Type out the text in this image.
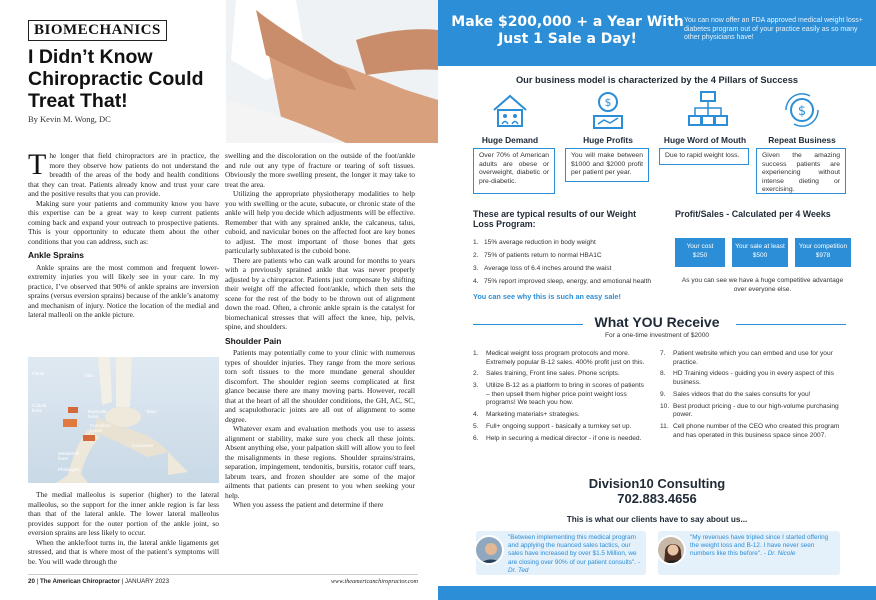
BIOMECHANICS
I Didn’t Know Chiropractic Could Treat That!
By Kevin M. Wong, DC

The longer that field chiropractors are in practice, the more they observe how patients do not understand the breadth of the areas of the body and health conditions that they can treat. Patients already know and trust your care and the positive results that you can provide.

Making sure your patients and community know you have this expertise can be a great way to keep current patients coming back and expand your outreach to prospective patients. This is your opportunity to educate them about the other conditions that you can address, such as:

Ankle Sprains

Ankle sprains are the most common and frequent lower-extremity injuries you will likely see in your care. In my practice, I’ve observed that 90% of ankle sprains are inversion sprains (versus eversion sprains) because of the ankle’s anatomy and mechanism of injury. Notice the location of the medial and lateral malleoli on the ankle picture.

Fibula	Tibia
Cuboid bone	Navicular bone
Cuneiform bones
Talus
Calcaneus
Metatarsal bone
Phalanges

The medial malleolus is superior (higher) to the lateral malleolus, so the support for the inner ankle region is far less than that of the lateral ankle. The lower lateral malleolus provides support for the outer portion of the ankle joint, so eversion sprains are less likely to occur.

When the ankle/foot turns in, the lateral ankle ligaments get stressed, and that is where most of the patient’s symptoms will be. You will wade through the

swelling and the discoloration on the outside of the foot/ankle and rule out any type of fracture or tearing of soft tissues. Obviously the more swelling present, the longer it may take to treat the area.

Utilizing the appropriate physiotherapy modalities to help you with swelling or the acute, subacute, or chronic state of the ankle will help you decide which adjustments will be effective. Remember that with any sprained ankle, the calcaneus, talus, cuboid, and navicular bones on the affected foot are key bones to adjust. The most important of those bones that gets particularly subluxated is the cuboid bone.

There are patients who can walk around for months to years with a previously sprained ankle that was never properly adjusted by a chiropractor. Patients just compensate by shifting their weight off the affected foot/ankle, which then sets the scene for the rest of the body to be thrown out of alignment down the road. Often, a chronic ankle sprain is the catalyst for biomechanical stresses that will affect the knee, hip, pelvis, spine, and shoulders.

Shoulder Pain

Patients may potentially come to your clinic with numerous types of shoulder injuries. They range from the more serious torn soft tissues to the more mundane general shoulder discomfort. The shoulder region seems complicated at first glance because there are many moving parts. However, recall that at the heart of all the shoulder conditions, the GH, AC, SC, and scapulothoracic joints are all out of alignment to some degree.

Whatever exam and evaluation methods you use to assess alignment or stability, make sure you check all these joints. Absent anything else, your palpation skill will allow you to feel the misalignments in these regions. Shoulder sprains/strains, separation, impingement, tendonitis, bursitis, rotator cuff tears, labrum tears, and frozen shoulder are some of the major ailments that patients can present to you when seeking your help.

When you assess the patient and determine if there

20 | The American Chiropractor | JANUARY 2023	www.theamericanchiropractor.com
Make $200,000 + a Year With Just 1 Sale a Day!
You can now offer an FDA approved medical weight loss+ diabetes program out of your practice easily as so many other physicians have!
Our business model is characterized by the 4 Pillars of Success
$
$
Huge Demand	Huge Profits	Huge Word of Mouth	Repeat Business
Over 70% of American adults are obese or overweight, diabetic or pre-diabetic.
You will make between $1000 and $2000 profit per patient per year.
Due to rapid weight loss.	Given the amazing success patients are experiencing without intense dieting or exercising.
These are typical results of our Weight Loss Program:
1. 15% average reduction in body weight
2. 75% of patients return to normal HBA1C
3. Average loss of 6.4 inches around the waist
4. 75% report improved sleep, energy, and emotional health
You can see why this is such an easy sale!
Profit/Sales - Calculated per 4 Weeks
Your cost
$250
Your sale at least
$500
Your competition
$978
As you can see we have a huge competitive advantage over everyone else.
What YOU Receive
For a one-time investment of $2000
1.	Medical weight loss program protocols and more. Extremely popular B-12 sales. 400% profit just on this.
2.	Sales training, Front line sales. Phone scripts.
3.	Utilize B-12 as a platform to bring in scores of patients – then upsell them higher price point weight loss programs! We teach you how.
4.	Marketing materials+ strategies.
5.	Full+ ongoing support - basically a turnkey set up.
6.	Help in securing a medical director - if one is needed.
7.	Patient website which you can embed and use for your practice.
8.	HD Training videos - guiding you in every aspect of this business.
9.	Sales videos that do the sales consults for you!
10. Best product pricing - due to our high-volume purchasing power.
11. Cell phone number of the CEO who created this program and has operated in this business space since 2007.
Division10 Consulting
702.883.4656
This is what our clients have to say about us...
"Between implementing this medical program and applying the nuanced sales tactics, our sales have increased by over $1.5 Million, we are closing over 90% of our patient consults". - Dr. Ted
"My revenues have tripled since I started offering the weight loss and B-12. I have never seen numbers like this before". - Dr. Nicole
